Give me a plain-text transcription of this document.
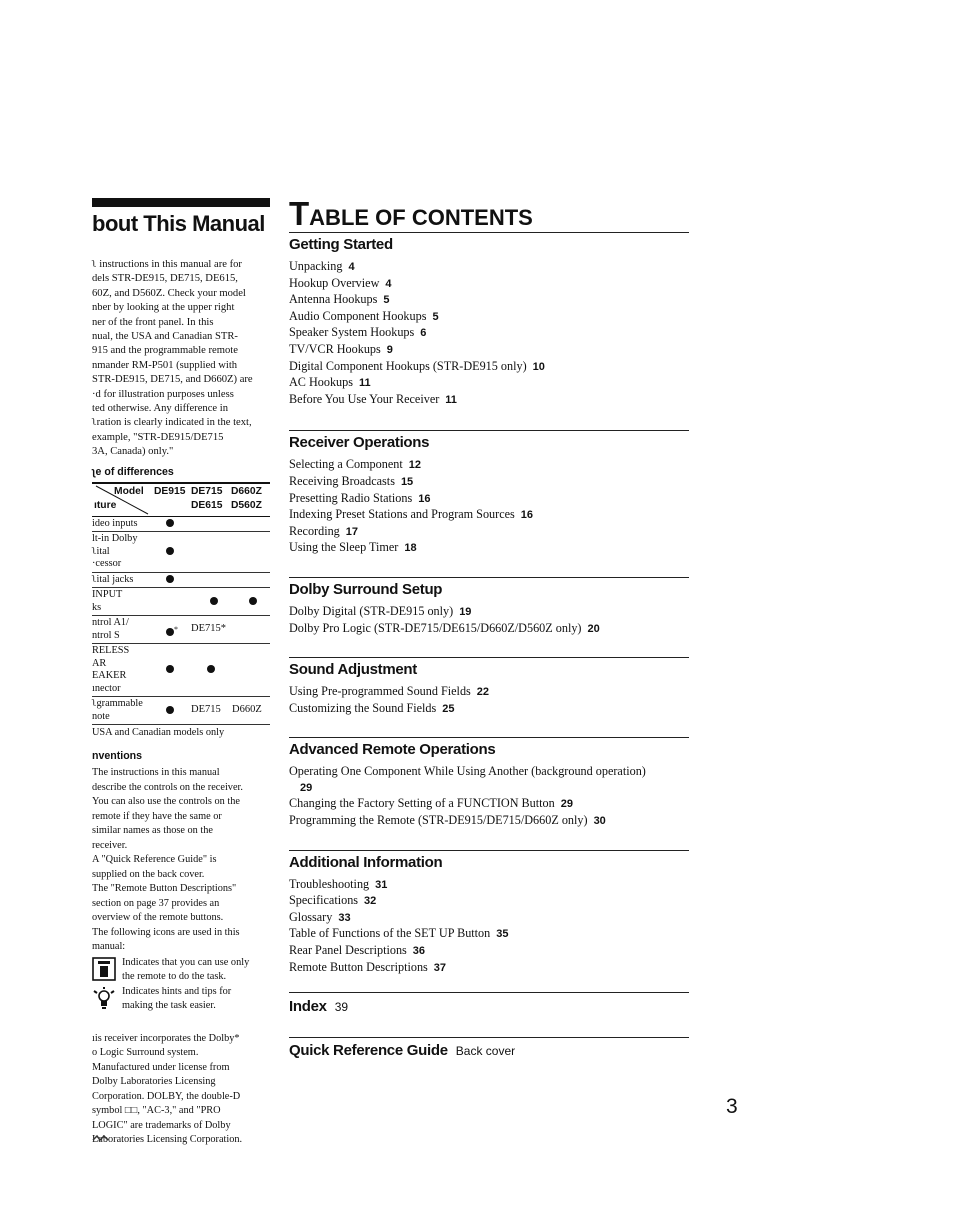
bout This Manual
ʅ instructions in this manual are for
dels STR-DE915, DE715, DE615,
60Z, and D560Z. Check your model
nber by looking at the upper right
ner of the front panel. In this
nual, the USA and Canadian STR-
915 and the programmable remote
nmander RM-P501 (supplied with
STR-DE915, DE715, and D660Z) are
·d for illustration purposes unless
ted otherwise. Any difference in
ʅration is clearly indicated in the text,
example, "STR-DE915/DE715
3A, Canada) only."
ʅe of differences
Model
ıture
DE915 DE715 D660Z
DE615 D560Z
ideo inputs
lt-in Dolby
ʅital
·cessor
ʅital jacks
INPUT
ks
ntrol A1/
ntrol S
* DE715*
RELESS
AR
EAKER
ınector
ʅgrammable
note
DE715 D660Z
USA and Canadian models only
nventions
The instructions in this manual
describe the controls on the receiver.
You can also use the controls on the
remote if they have the same or
similar names as those on the
receiver.
A "Quick Reference Guide" is
supplied on the back cover.
The "Remote Button Descriptions"
section on page 37 provides an
overview of the remote buttons.
The following icons are used in this
manual:
Indicates that you can use only
the remote to do the task.
Indicates hints and tips for
making the task easier.
ıis receiver incorporates the Dolby*
o Logic Surround system.
Manufactured under license from
Dolby Laboratories Licensing
Corporation. DOLBY, the double-D
symbol □□, "AC-3," and "PRO
LOGIC" are trademarks of Dolby
Laboratories Licensing Corporation.
TABLE OF CONTENTS
Getting Started
Unpacking 4
Hookup Overview 4
Antenna Hookups 5
Audio Component Hookups 5
Speaker System Hookups 6
TV/VCR Hookups 9
Digital Component Hookups (STR-DE915 only) 10
AC Hookups 11
Before You Use Your Receiver 11
Receiver Operations
Selecting a Component 12
Receiving Broadcasts 15
Presetting Radio Stations 16
Indexing Preset Stations and Program Sources 16
Recording 17
Using the Sleep Timer 18
Dolby Surround Setup
Dolby Digital (STR-DE915 only) 19
Dolby Pro Logic (STR-DE715/DE615/D660Z/D560Z only) 20
Sound Adjustment
Using Pre-programmed Sound Fields 22
Customizing the Sound Fields 25
Advanced Remote Operations
Operating One Component While Using Another (background operation)
29
Changing the Factory Setting of a FUNCTION Button 29
Programming the Remote (STR-DE915/DE715/D660Z only) 30
Additional Information
Troubleshooting 31
Specifications 32
Glossary 33
Table of Functions of the SET UP Button 35
Rear Panel Descriptions 36
Remote Button Descriptions 37
Index 39
Quick Reference Guide Back cover
3
